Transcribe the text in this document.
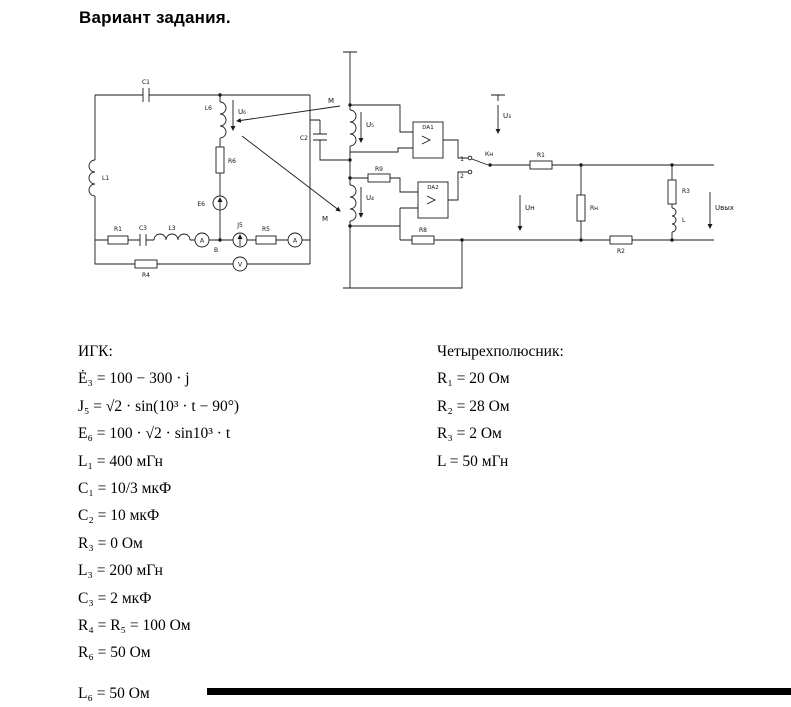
Вариант задания.
C1
L1
L6	U₆
R6
E6
R1	C3	L3
A
J5
R5
A
V
R4
В
C2
M
M
U₅
U₄
R9
DA1
DA2
U₃
Кн
1
2
R8
R1
Uн	Rн
R3
L
R2
Uвых
ИГК:
Ė₃ = 100 − 300 · j
J₅ = √2 · sin(10³ · t − 90°)
E₆ = 100 · √2 · sin10³ · t
L₁ = 400 мГн
C₁ = 10/3 мкФ
C₂ = 10 мкФ
R₃ = 0 Ом
L₃ = 200 мГн
C₃ = 2 мкФ
R₄ = R₅ = 100 Ом
R₆ = 50 Ом
L₆ = 50 Ом
Четырехполюсник:
R₁ = 20 Ом
R₂ = 28 Ом
R₃ = 2 Ом
L = 50 мГн
